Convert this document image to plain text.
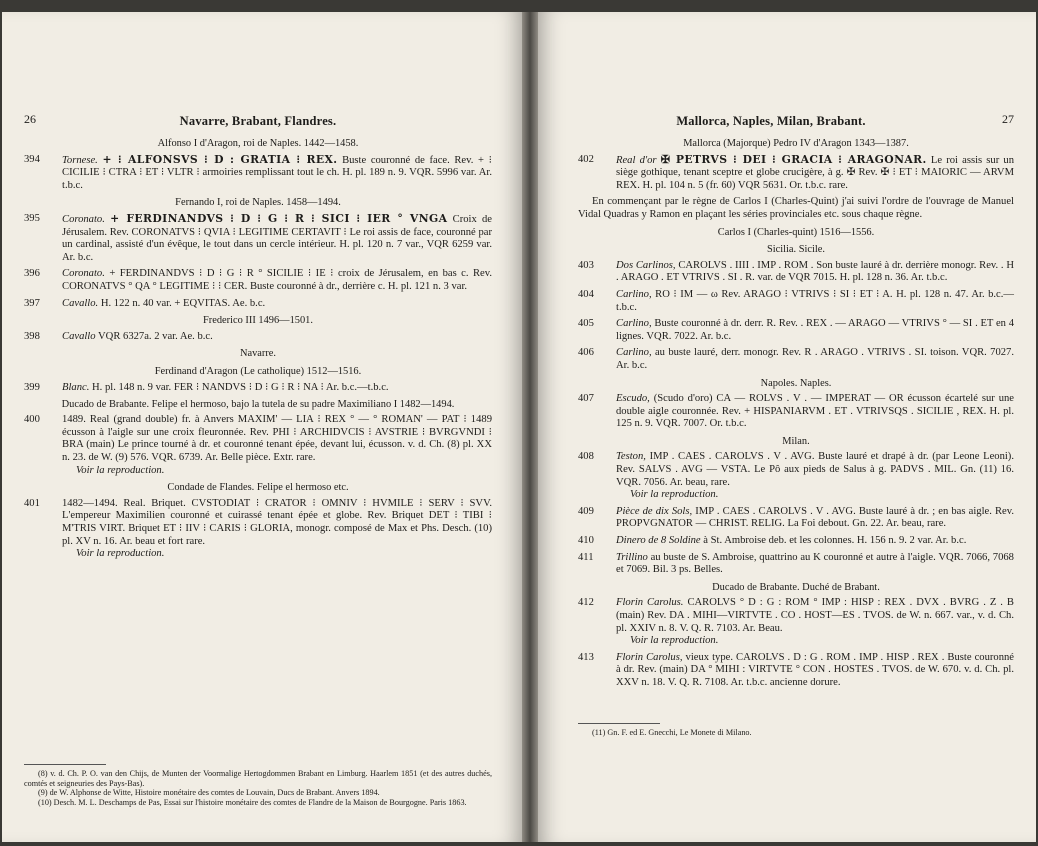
26	Navarre, Brabant, Flandres.
Alfonso I d'Aragon, roi de Naples. 1442—1458.
394	Tornese. + ⁝ ALFONSVS ⁝ D : GRATIA ⁝ REX. Buste couronné de face. Rev. + ⁝ CICILIE ⁝ CTRA ⁝ ET ⁝ VLTR ⁝ armoiries remplissant tout le ch. H. pl. 189 n. 9. VQR. 5996 var. Ar. t.b.c.
Fernando I, roi de Naples. 1458—1494.
395	Coronato. + FERDINANDVS ⁝ D ⁝ G ⁝ R ⁝ SICI ⁝ IER ° VNGA Croix de Jérusalem. Rev. CORONATVS ⁝ QVIA ⁝ LEGITIME CERTAVIT ⁝ Le roi assis de face, couronné par un cardinal, assisté d'un évêque, le tout dans un cercle intérieur. H. pl. 120 n. 7 var., VQR 6259 var. Ar. b.c.
396	Coronato. + FERDINANDVS ⁝ D ⁝ G ⁝ R ° SICILIE ⁝ IE ⁝ croix de Jérusalem, en bas c. Rev. CORONATVS ° QA ° LEGITIME ⁝ ⁝ CER. Buste couronné à dr., derrière c. H. pl. 121 n. 3 var.
397	Cavallo. H. 122 n. 40 var. + EQVITAS. Ae. b.c.
Frederico III 1496—1501.
398	Cavallo VQR 6327a. 2 var. Ae. b.c.
Navarre.
Ferdinand d'Aragon (Le catholique) 1512—1516.
399	Blanc. H. pl. 148 n. 9 var. FER ⁝ NANDVS ⁝ D ⁝ G ⁝ R ⁝ NA ⁝ Ar. b.c.—t.b.c.
Ducado de Brabante. Felipe el hermoso, bajo la tutela de su padre Maximiliano I 1482—1494.
400	1489. Real (grand double) fr. à Anvers MAXIM' — LIA ⁝ REX ° — ° ROMAN' — PAT ⁝ 1489 écusson à l'aigle sur une croix fleuronnée. Rev. PHI ⁝ ARCHIDVCIS ⁝ AVSTRIE ⁝ BVRGVNDI ⁝ BRA (main) Le prince tourné à dr. et couronné tenant épée, devant lui, écusson. v. d. Ch. (8) pl. XX n. 23. de W. (9) 576. VQR. 6739. Ar. Belle pièce. Extr. rare.
Voir la reproduction.
Condade de Flandes. Felipe el hermoso etc.
401	1482—1494. Real. Briquet. CVSTODIAT ⁝ CRATOR ⁝ OMNIV ⁝ HVMILE ⁝ SERV ⁝ SVV. L'empereur Maximilien couronné et cuirassé tenant épée et globe. Rev. Briquet DET ⁝ TIBI ⁝ M'TRIS VIRT. Briquet ET ⁝ IIV ⁝ CARIS ⁝ GLORIA, monogr. composé de Max et Phs. Desch. (10) pl. XV n. 16. Ar. beau et fort rare.
Voir la reproduction.
(8) v. d. Ch. P. O. van den Chijs, de Munten der Voormalige Hertogdommen Brabant en Limburg. Haarlem 1851 (et des autres duchés, comtés et seigneuries des Pays-Bas).
(9) de W. Alphonse de Witte, Histoire monétaire des comtes de Louvain, Ducs de Brabant. Anvers 1894.
(10) Desch. M. L. Deschamps de Pas, Essai sur l'histoire monétaire des comtes de Flandre de la Maison de Bourgogne. Paris 1863.
Mallorca, Naples, Milan, Brabant.	27
Mallorca (Majorque) Pedro IV d'Aragon 1343—1387.
402	Real d'or ✠ PETRVS ⁝ DEI ⁝ GRACIA ⁝ ARAGONAR. Le roi assis sur un siège gothique, tenant sceptre et globe crucigère, à g. ✠ Rev. ✠ ⁝ ET ⁝ MAIORIC — ARVM REX. H. pl. 104 n. 5 (fr. 60) VQR 5631. Or. t.b.c. rare.
En commençant par le règne de Carlos I (Charles-Quint) j'ai suivi l'ordre de l'ouvrage de Manuel Vidal Quadras y Ramon en plaçant les séries provinciales etc. sous chaque règne.
Carlos I (Charles-quint) 1516—1556.
Sicilia. Sicile.
403	Dos Carlinos, CAROLVS . IIII . IMP . ROM . Son buste lauré à dr. derrière monogr. Rev. . H . ARAGO . ET VTRIVS . SI . R. var. de VQR 7015. H. pl. 128 n. 36. Ar. t.b.c.
404	Carlino, RO ⁝ IM — ω Rev. ARAGO ⁝ VTRIVS ⁝ SI ⁝ ET ⁝ A. H. pl. 128 n. 47. Ar. b.c.—t.b.c.
405	Carlino, Buste couronné à dr. derr. R. Rev. . REX . — ARAGO — VTRIVS ° — SI . ET en 4 lignes. VQR. 7022. Ar. b.c.
406	Carlino, au buste lauré, derr. monogr. Rev. R . ARAGO . VTRIVS . SI. toison. VQR. 7027. Ar. b.c.
Napoles. Naples.
407	Escudo, (Scudo d'oro) CA — ROLVS . V . — IMPERAT — OR écusson écartelé sur une double aigle couronnée. Rev. + HISPANIARVM . ET . VTRIVSQS . SICILIE , REX. H. pl. 125 n. 9. VQR. 7007. Or. t.b.c.
Milan.
408	Teston, IMP . CAES . CAROLVS . V . AVG. Buste lauré et drapé à dr. (par Leone Leoni). Rev. SALVS . AVG — VSTA. Le Pô aux pieds de Salus à g. PADVS . MIL. Gn. (11) 16. VQR. 7056. Ar. beau, rare.
Voir la reproduction.
409	Pièce de dix Sols, IMP . CAES . CAROLVS . V . AVG. Buste lauré à dr. ; en bas aigle. Rev. PROPVGNATOR — CHRIST. RELIG. La Foi debout. Gn. 22. Ar. beau, rare.
410	Dinero de 8 Soldine à St. Ambroise deb. et les colonnes. H. 156 n. 9. 2 var. Ar. b.c.
411	Trillino au buste de S. Ambroise, quattrino au K couronné et autre à l'aigle. VQR. 7066, 7068 et 7069. Bil. 3 ps. Belles.
Ducado de Brabante. Duché de Brabant.
412	Florin Carolus. CAROLVS ° D : G : ROM ° IMP : HISP : REX . DVX . BVRG . Z . B (main) Rev. DA . MIHI—VIRTVTE . CO . HOST—ES . TVOS. de W. n. 667. var., v. d. Ch. pl. XXIV n. 8. V. Q. R. 7103. Ar. Beau.
Voir la reproduction.
413	Florin Carolus, vieux type. CAROLVS . D : G . ROM . IMP . HISP . REX . Buste couronné à dr. Rev. (main) DA ° MIHI : VIRTVTE ° CON . HOSTES . TVOS. de W. 670. v. d. Ch. pl. XXV n. 18. V. Q. R. 7108. Ar. t.b.c. ancienne dorure.
(11) Gn. F. ed E. Gnecchi, Le Monete di Milano.
